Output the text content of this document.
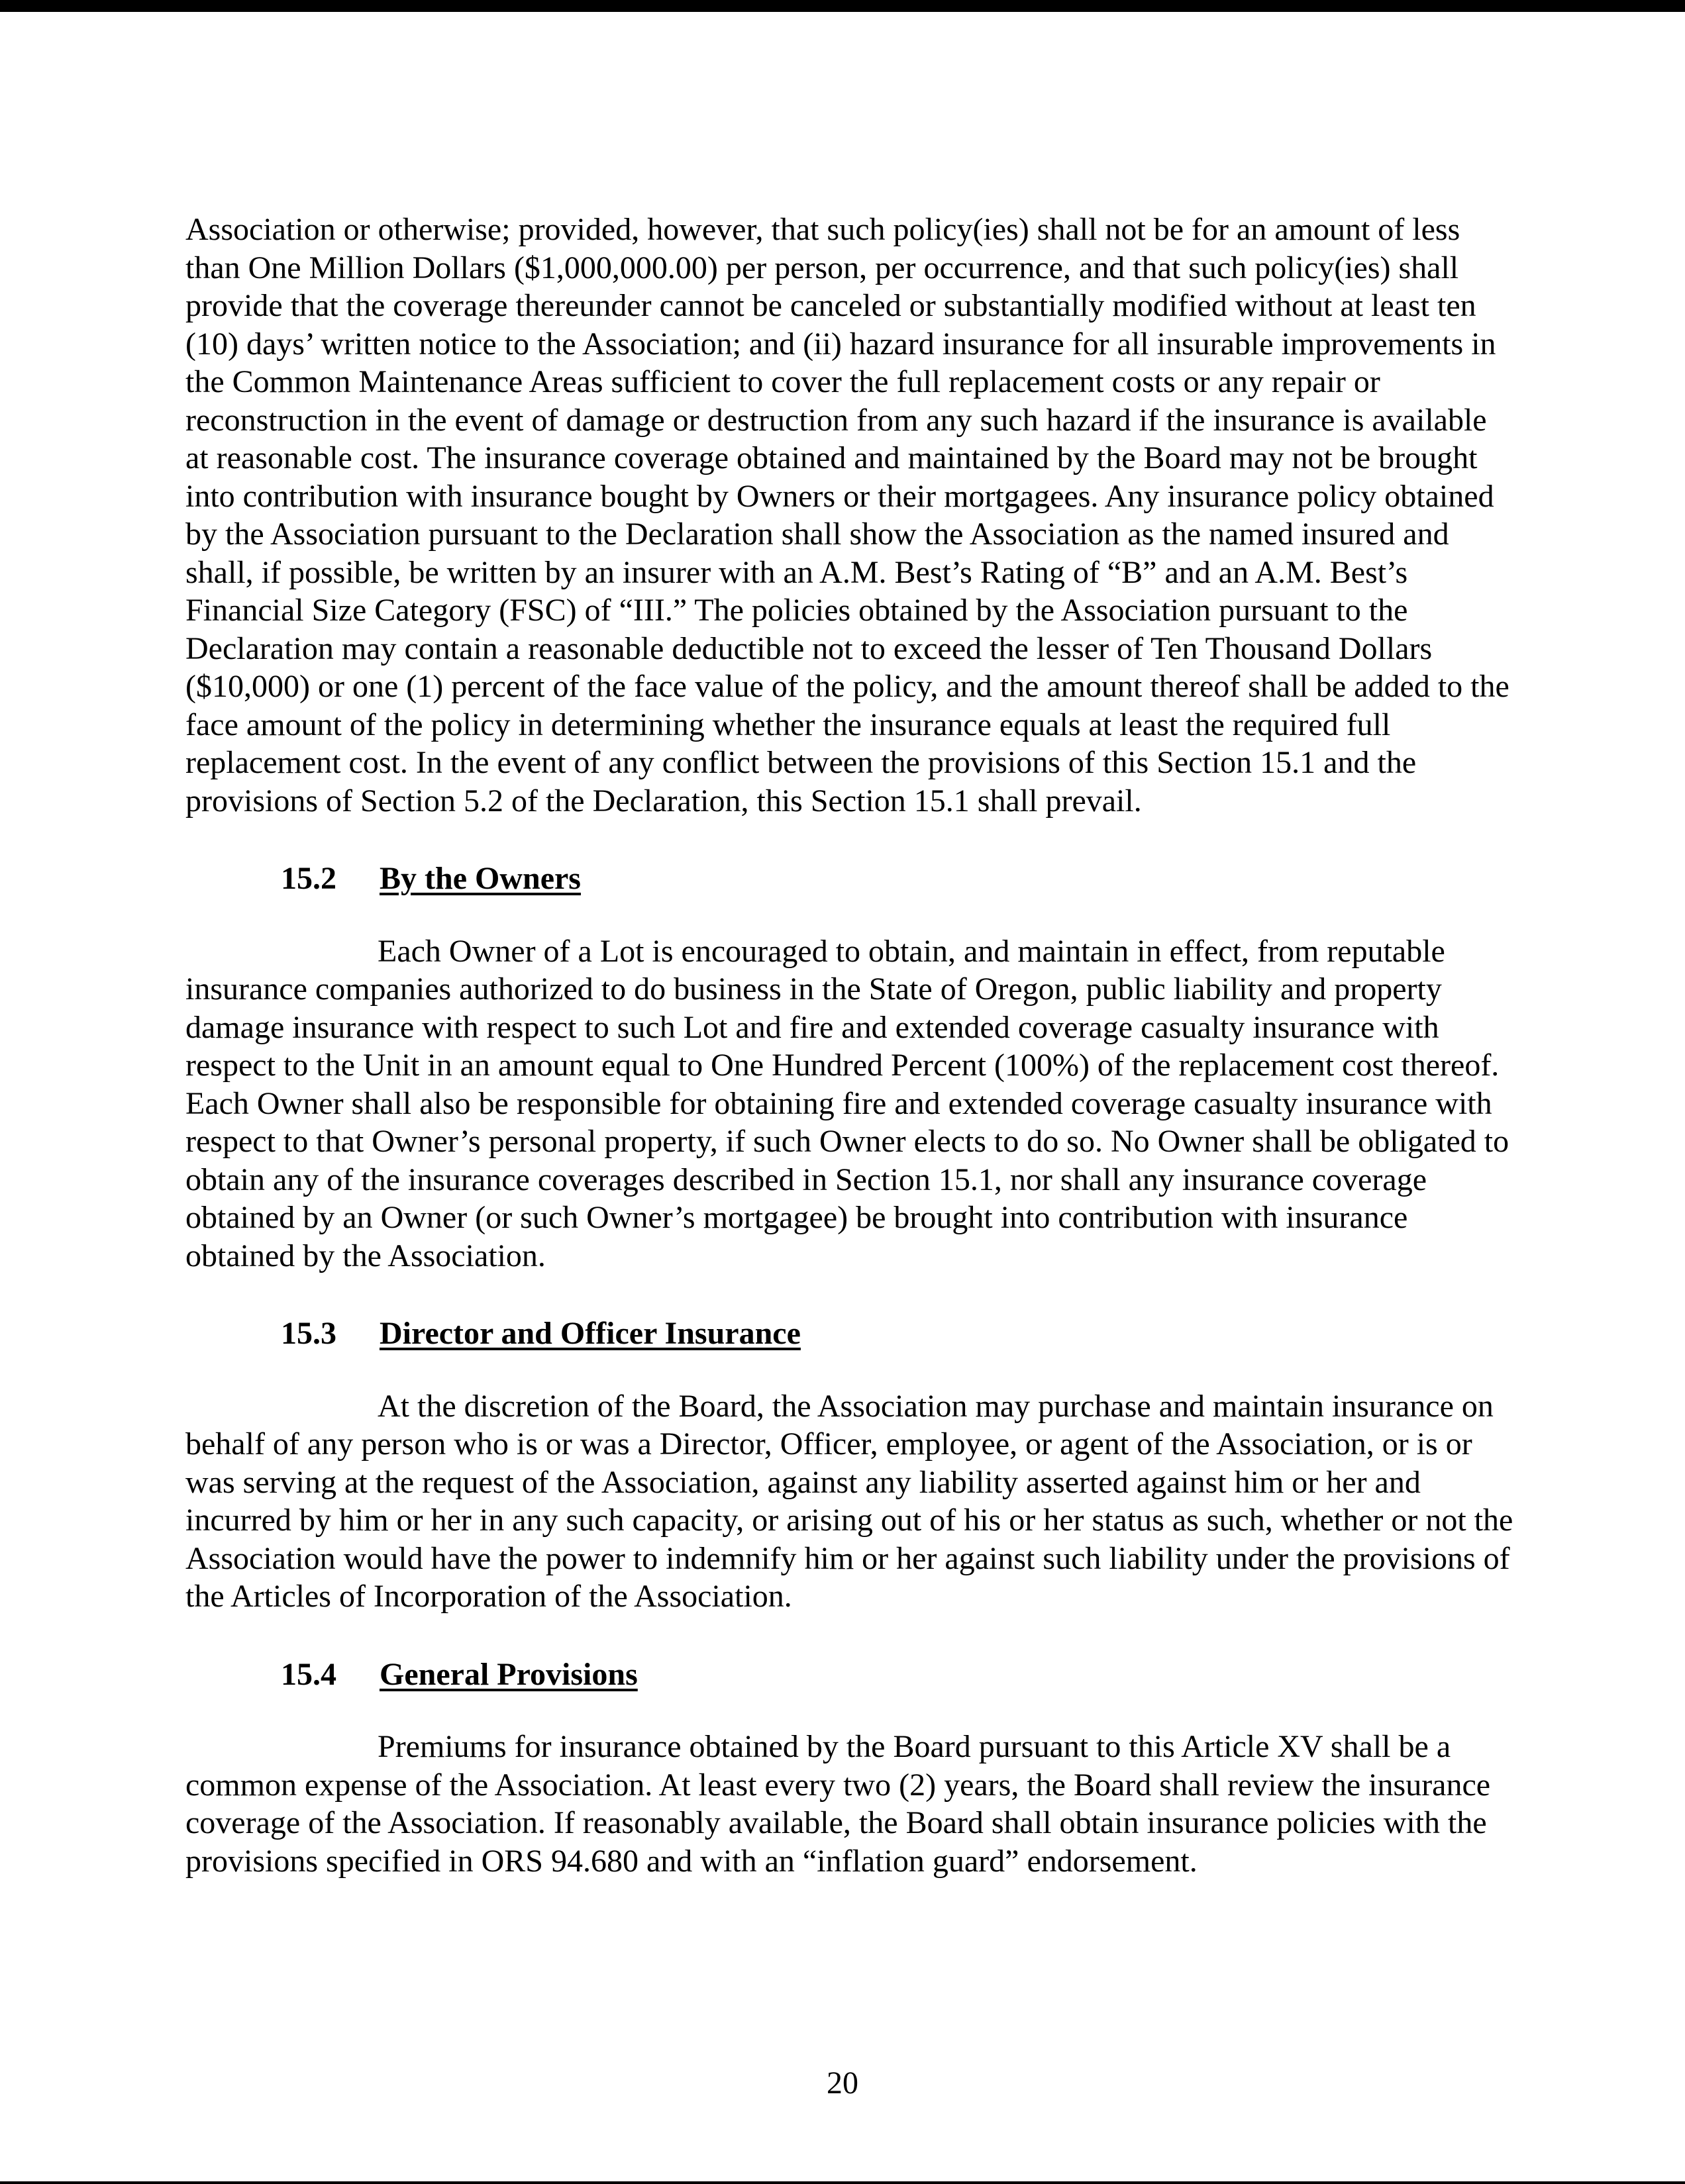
Association or otherwise; provided, however, that such policy(ies) shall not be for an amount of less than One Million Dollars ($1,000,000.00) per person, per occurrence, and that such policy(ies) shall provide that the coverage thereunder cannot be canceled or substantially modified without at least ten (10) days’ written notice to the Association; and (ii) hazard insurance for all insurable improvements in the Common Maintenance Areas sufficient to cover the full replacement costs or any repair or reconstruction in the event of damage or destruction from any such hazard if the insurance is available at reasonable cost. The insurance coverage obtained and maintained by the Board may not be brought into contribution with insurance bought by Owners or their mortgagees. Any insurance policy obtained by the Association pursuant to the Declaration shall show the Association as the named insured and shall, if possible, be written by an insurer with an A.M. Best’s Rating of “B” and an A.M. Best’s Financial Size Category (FSC) of “III.” The policies obtained by the Association pursuant to the Declaration may contain a reasonable deductible not to exceed the lesser of Ten Thousand Dollars ($10,000) or one (1) percent of the face value of the policy, and the amount thereof shall be added to the face amount of the policy in determining whether the insurance equals at least the required full replacement cost. In the event of any conflict between the provisions of this Section 15.1 and the provisions of Section 5.2 of the Declaration, this Section 15.1 shall prevail.

15.2	By the Owners

Each Owner of a Lot is encouraged to obtain, and maintain in effect, from reputable insurance companies authorized to do business in the State of Oregon, public liability and property damage insurance with respect to such Lot and fire and extended coverage casualty insurance with respect to the Unit in an amount equal to One Hundred Percent (100%) of the replacement cost thereof. Each Owner shall also be responsible for obtaining fire and extended coverage casualty insurance with respect to that Owner’s personal property, if such Owner elects to do so. No Owner shall be obligated to obtain any of the insurance coverages described in Section 15.1, nor shall any insurance coverage obtained by an Owner (or such Owner’s mortgagee) be brought into contribution with insurance obtained by the Association.

15.3	Director and Officer Insurance

At the discretion of the Board, the Association may purchase and maintain insurance on behalf of any person who is or was a Director, Officer, employee, or agent of the Association, or is or was serving at the request of the Association, against any liability asserted against him or her and incurred by him or her in any such capacity, or arising out of his or her status as such, whether or not the Association would have the power to indemnify him or her against such liability under the provisions of the Articles of Incorporation of the Association.

15.4	General Provisions

Premiums for insurance obtained by the Board pursuant to this Article XV shall be a common expense of the Association. At least every two (2) years, the Board shall review the insurance coverage of the Association. If reasonably available, the Board shall obtain insurance policies with the provisions specified in ORS 94.680 and with an “inflation guard” endorsement.

20
